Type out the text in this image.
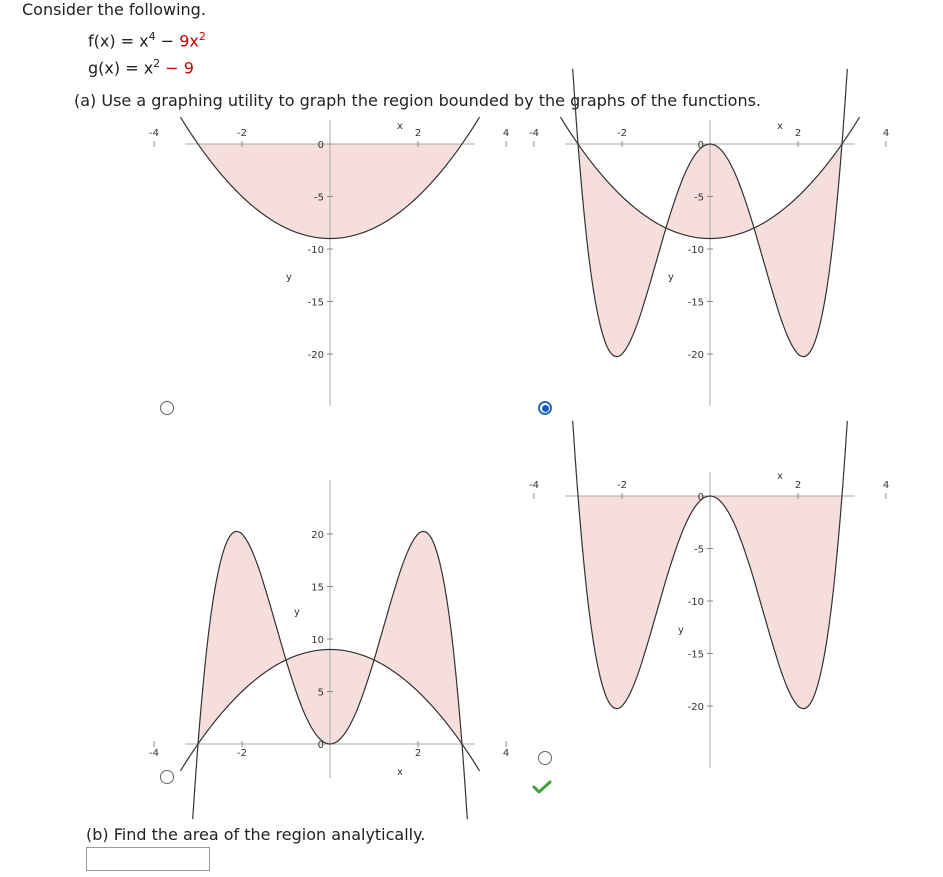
Consider the following.
$f(x) = x^4 - 9x^2$
$g(x) = x^2 - 9$
(a) Use a graphing utility to graph the region bounded by the graphs of the functions.
-4	-2	2	4
0
-5
-10
-15
-20
x
y
-4	-2	2	4
0
-5
-10
-15
-20
x
y
-4	-2	2	4
0
5
10
15
20
x
y
-4	-2	2	4
0
-5
-10
-15
-20
x
y
(b) Find the area of the region analytically.
